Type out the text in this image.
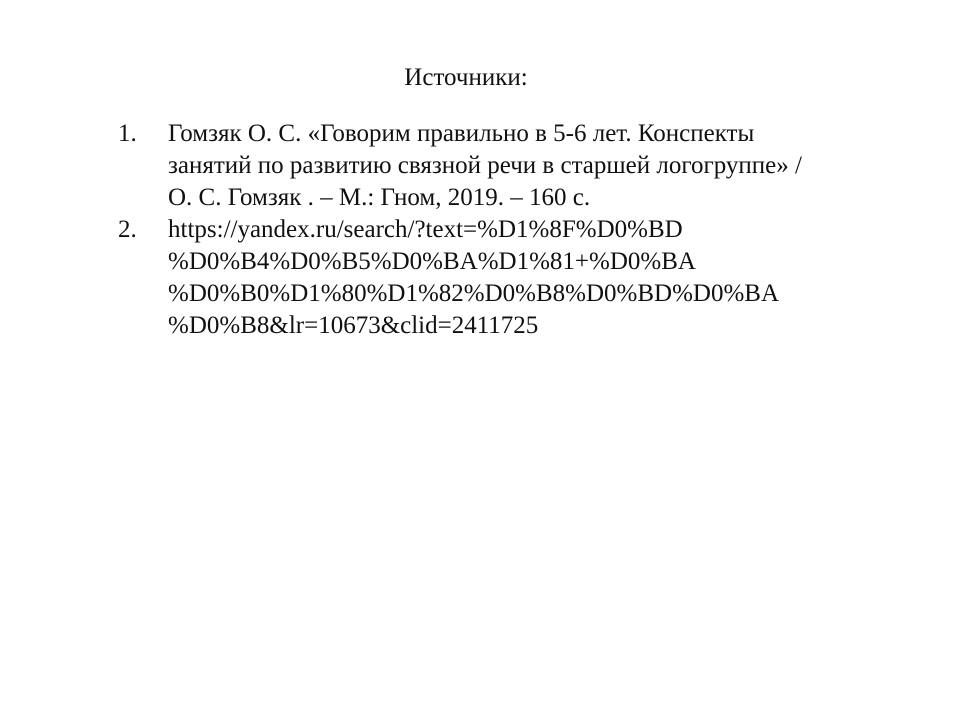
Источники:
1.	Гомзяк О. С. «Говорим правильно в 5-6 лет. Конспекты
занятий по развитию связной речи в старшей логогруппе» /
О. С. Гомзяк . – М.: Гном, 2019. – 160 с.
2.	https://yandex.ru/search/?text=%D1%8F%D0%BD
%D0%B4%D0%B5%D0%BA%D1%81+%D0%BA
%D0%B0%D1%80%D1%82%D0%B8%D0%BD%D0%BA
%D0%B8&lr=10673&clid=2411725
